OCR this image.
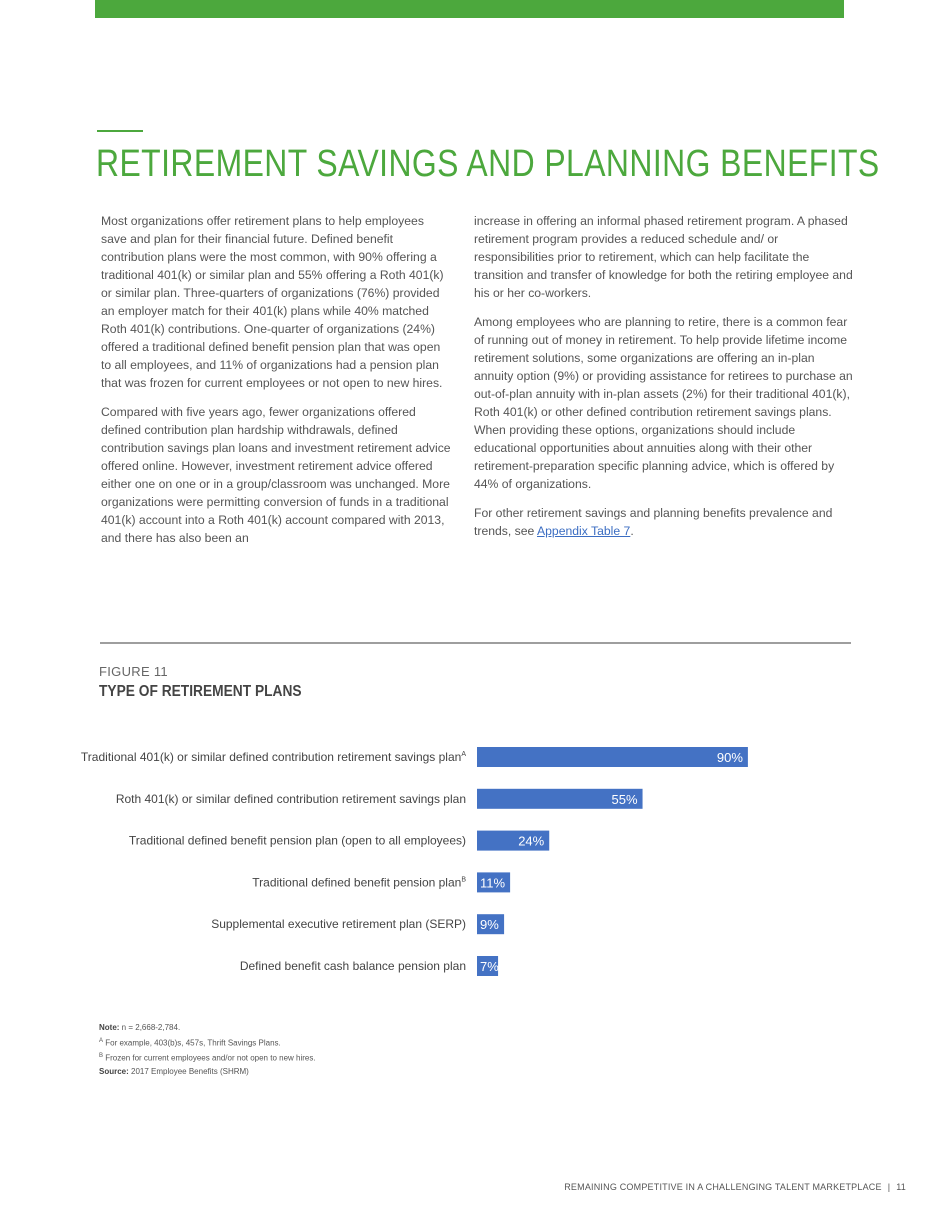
RETIREMENT SAVINGS AND PLANNING BENEFITS

Most organizations offer retirement plans to help employees save and plan for their financial future. Defined benefit contribution plans were the most common, with 90% offering a traditional 401(k) or similar plan and 55% offering a Roth 401(k) or similar plan. Three-quarters of organizations (76%) provided an employer match for their 401(k) plans while 40% matched Roth 401(k) contributions. One-quarter of organizations (24%) offered a traditional defined benefit pension plan that was open to all employees, and 11% of organizations had a pension plan that was frozen for current employees or not open to new hires.

Compared with five years ago, fewer organizations offered defined contribution plan hardship withdrawals, defined contribution savings plan loans and investment retirement advice offered online. However, investment retirement advice offered either one on one or in a group/classroom was unchanged. More organizations were permitting conversion of funds in a traditional 401(k) account into a Roth 401(k) account compared with 2013, and there has also been an

increase in offering an informal phased retirement program. A phased retirement program provides a reduced schedule and/ or responsibilities prior to retirement, which can help facilitate the transition and transfer of knowledge for both the retiring employee and his or her co-workers.

Among employees who are planning to retire, there is a common fear of running out of money in retirement. To help provide lifetime income retirement solutions, some organizations are offering an in-plan annuity option (9%) or providing assistance for retirees to purchase an out-of-plan annuity with in-plan assets (2%) for their traditional 401(k), Roth 401(k) or other defined contribution retirement savings plans. When providing these options, organizations should include educational opportunities about annuities along with their other retirement-preparation specific planning advice, which is offered by 44% of organizations.

For other retirement savings and planning benefits prevalence and trends, see Appendix Table 7.

FIGURE 11
TYPE OF RETIREMENT PLANS
Traditional 401(k) or similar defined contribution retirement savings plan$^A$	90%
Roth 401(k) or similar defined contribution retirement savings plan	55%
Traditional defined benefit pension plan (open to all employees)	24%
Traditional defined benefit pension plan$^B$ 11%
Supplemental executive retirement plan (SERP) 9%
Defined benefit cash balance pension plan 7%
Note: n = 2,668-2,784.
$^A$ For example, 403(b)s, 457s, Thrift Savings Plans.
$^B$ Frozen for current employees and/or not open to new hires.
Source: 2017 Employee Benefits (SHRM)
REMAINING COMPETITIVE IN A CHALLENGING TALENT MARKETPLACE | 11
